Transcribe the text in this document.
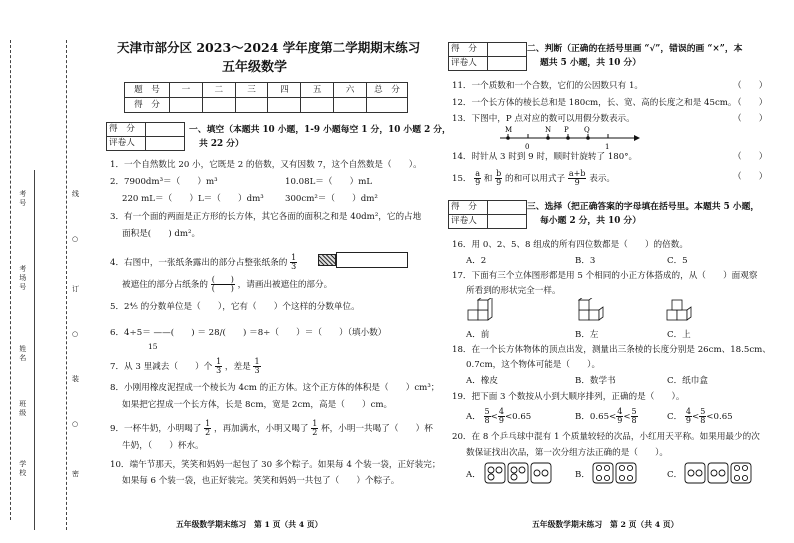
考号
考场号
姓名
班级
学校
线
○
订
○
装
○
密
天津市部分区 2023～2024 学年度第二学期期末练习
五年级数学
题　号	一	二	三	四	五	六	总　分
得　分							
得　分	
评卷人	
一、填空（本题共 10 小题，1-9 小题每空 1 分，10 小题 2 分，
共 22 分）
1．一个自然数比 20 小，它既是 2 的倍数，又有因数 7，这个自然数是（　　）。
2．7900dm³＝（　　）m³	10.08L＝（　　）mL
220 mL＝（　　）L＝（　　）dm³ 300cm²＝（　　）dm²
3．有一个面的两面是正方形的长方体，其它各面的面积之和是 40dm²，它的占地
面积是(　　) dm²。
4．右图中，一张纸条露出的部分占整张纸条的 $\frac{1}{3}$
被遮住的部分占纸条的 $\frac{( )}{( )}$ ，请画出被遮住的部分。
5．2⁴⁄₅ 的分数单位是（　　），它有（　　）个这样的分数单位。
6．4÷5＝ ——(　　) ＝ 28/(　　) ＝8÷（　　）＝（　　）（填小数）
15
7．从 3 里减去（　　）个 $\frac{1}{3}$ ，差是 $\frac{1}{3}$
8．小刚用橡皮泥捏成一个棱长为 4cm 的正方体。这个正方体的体积是（　　）cm³；
如果把它捏成一个长方体，长是 8cm，宽是 2cm，高是（　　）cm。
9．一杯牛奶，小明喝了 $\frac{1}{2}$ ，再加满水，小明又喝了 $\frac{1}{2}$ 杯，小明一共喝了（　　）杯
牛奶，（　　）杯水。
10．端午节那天，笑笑和妈妈一起包了 30 多个粽子。如果每 4 个装一袋，正好装完；
如果每 6 个装一袋，也正好装完。笑笑和妈妈一共包了（　　）个粽子。
五年级数学期末练习　第 1 页（共 4 页）
得　分	
评卷人	
二、判断（正确的在括号里画 “√”，错误的画 “×”，本
题共 5 小题，共 10 分）
11．一个质数和一个合数，它们的公因数只有 1。	（　　）
12．一个长方体的棱长总和是 180cm，长、宽、高的长度之和是 45cm。
（　　）
13．下图中，P 点对应的数可以用假分数表示。	（　　）
M	N P Q
0	1
14．时针从 3 时到 9 时，顺时针旋转了 180°。	（　　）
15． $\frac{a}{9}$ 和 $\frac{b}{9}$ 的和可以用式子 $\frac{a+b}{9}$ 表示。	（　　）
得　分	
评卷人	
三、选择（把正确答案的字母填在括号里。本题共 5 小题，
每小题 2 分，共 10 分）
16．用 0、2、5、8 组成的所有四位数都是（　　）的倍数。
A．2	B．3	C．5
17．下面有三个立体图形都是用 5 个相同的小正方体搭成的，从（　　）面观察
所看到的形状完全一样。
A．前	B．左	C．上
18．在一个长方体物体的顶点出发，测量出三条棱的长度分别是 26cm、18.5cm、
0.7cm，这个物体可能是（　　）。
A．橡皮	B．数学书	C．纸巾盒
19．把下面 3 个数按从小到大顺序排列，正确的是（　　）。
A． $\frac{5}{8} < \frac{4}{9} <0.65$	B．$0.65< \frac{4}{9} < \frac{5}{8}$	C． $\frac{4}{9} < \frac{5}{8} <0.65$
20．在 8 个乒乓球中混有 1 个质量较轻的次品，小红用天平称。如果用最少的次
数保证找出次品，第一次分组方法正确的是（　　）。
A．	B．	C．
五年级数学期末练习　第 2 页（共 4 页）
